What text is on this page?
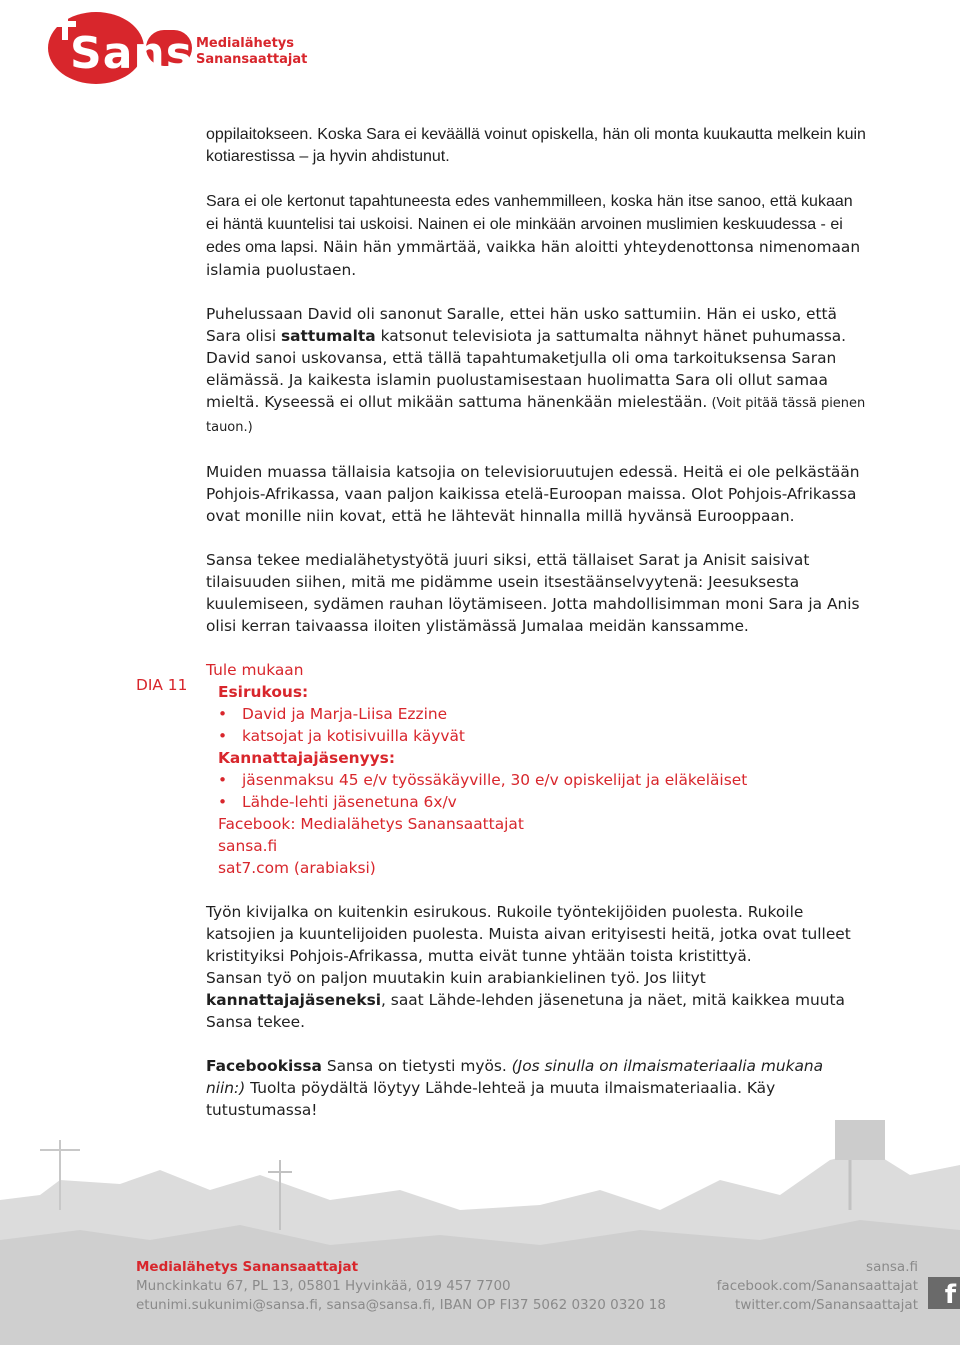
Sansa
Medialähetys
Sanansaattajat

oppilaitokseen. Koska Sara ei keväällä voinut opiskella, hän oli monta kuukautta melkein kuin kotiarestissa – ja hyvin ahdistunut.

Sara ei ole kertonut tapahtuneesta edes vanhemmilleen, koska hän itse sanoo, että kukaan ei häntä kuuntelisi tai uskoisi. Nainen ei ole minkään arvoinen muslimien keskuudessa - ei edes oma lapsi. Näin hän ymmärtää, vaikka hän aloitti yhteydenottonsa nimenomaan islamia puolustaen.

Puhelussaan David oli sanonut Saralle, ettei hän usko sattumiin. Hän ei usko, että Sara olisi sattumalta katsonut televisiota ja sattumalta nähnyt hänet puhumassa. David sanoi uskovansa, että tällä tapahtumaketjulla oli oma tarkoituksensa Saran elämässä. Ja kaikesta islamin puolustamisestaan huolimatta Sara oli ollut samaa mieltä. Kyseessä ei ollut mikään sattuma hänenkään mielestään. (Voit pitää tässä pienen tauon.)

Muiden muassa tällaisia katsojia on televisioruutujen edessä. Heitä ei ole pelkästään Pohjois-Afrikassa, vaan paljon kaikissa etelä-Euroopan maissa. Olot Pohjois-Afrikassa ovat monille niin kovat, että he lähtevät hinnalla millä hyvänsä Eurooppaan.

Sansa tekee medialähetystyötä juuri siksi, että tällaiset Sarat ja Anisit saisivat tilaisuuden siihen, mitä me pidämme usein itsestäänselvyytenä: Jeesuksesta kuulemiseen, sydämen rauhan löytämiseen. Jotta mahdollisimman moni Sara ja Anis olisi kerran taivaassa iloiten ylistämässä Jumalaa meidän kanssamme.

Tule mukaan
Esirukous:
• David ja Marja-Liisa Ezzine
• katsojat ja kotisivuilla käyvät
Kannattajajäsenyys:
• jäsenmaksu 45 e/v työssäkäyville, 30 e/v opiskelijat ja eläkeläiset
• Lähde-lehti jäsenetuna 6x/v
Facebook: Medialähetys Sanansaattajat
sansa.fi
sat7.com (arabiaksi)

Työn kivijalka on kuitenkin esirukous. Rukoile työntekijöiden puolesta. Rukoile katsojien ja kuuntelijoiden puolesta. Muista aivan erityisesti heitä, jotka ovat tulleet kristityiksi Pohjois-Afrikassa, mutta eivät tunne yhtään toista kristittyä.
Sansan työ on paljon muutakin kuin arabiankielinen työ. Jos liityt kannattajajäseneksi, saat Lähde-lehden jäsenetuna ja näet, mitä kaikkea muuta Sansa tekee.

Facebookissa Sansa on tietysti myös. (Jos sinulla on ilmaismateriaalia mukana niin:) Tuolta pöydältä löytyy Lähde-lehteä ja muuta ilmaismateriaalia. Käy tutustumassa!

DIA 11
Medialähetys Sanansaattajat
Munckinkatu 67, PL 13, 05801 Hyvinkää, 019 457 7700
etunimi.sukunimi@sansa.fi, sansa@sansa.fi, IBAN OP FI37 5062 0320 0320 18
sansa.fi
facebook.com/Sanansaattajat
twitter.com/Sanansaattajat	f
